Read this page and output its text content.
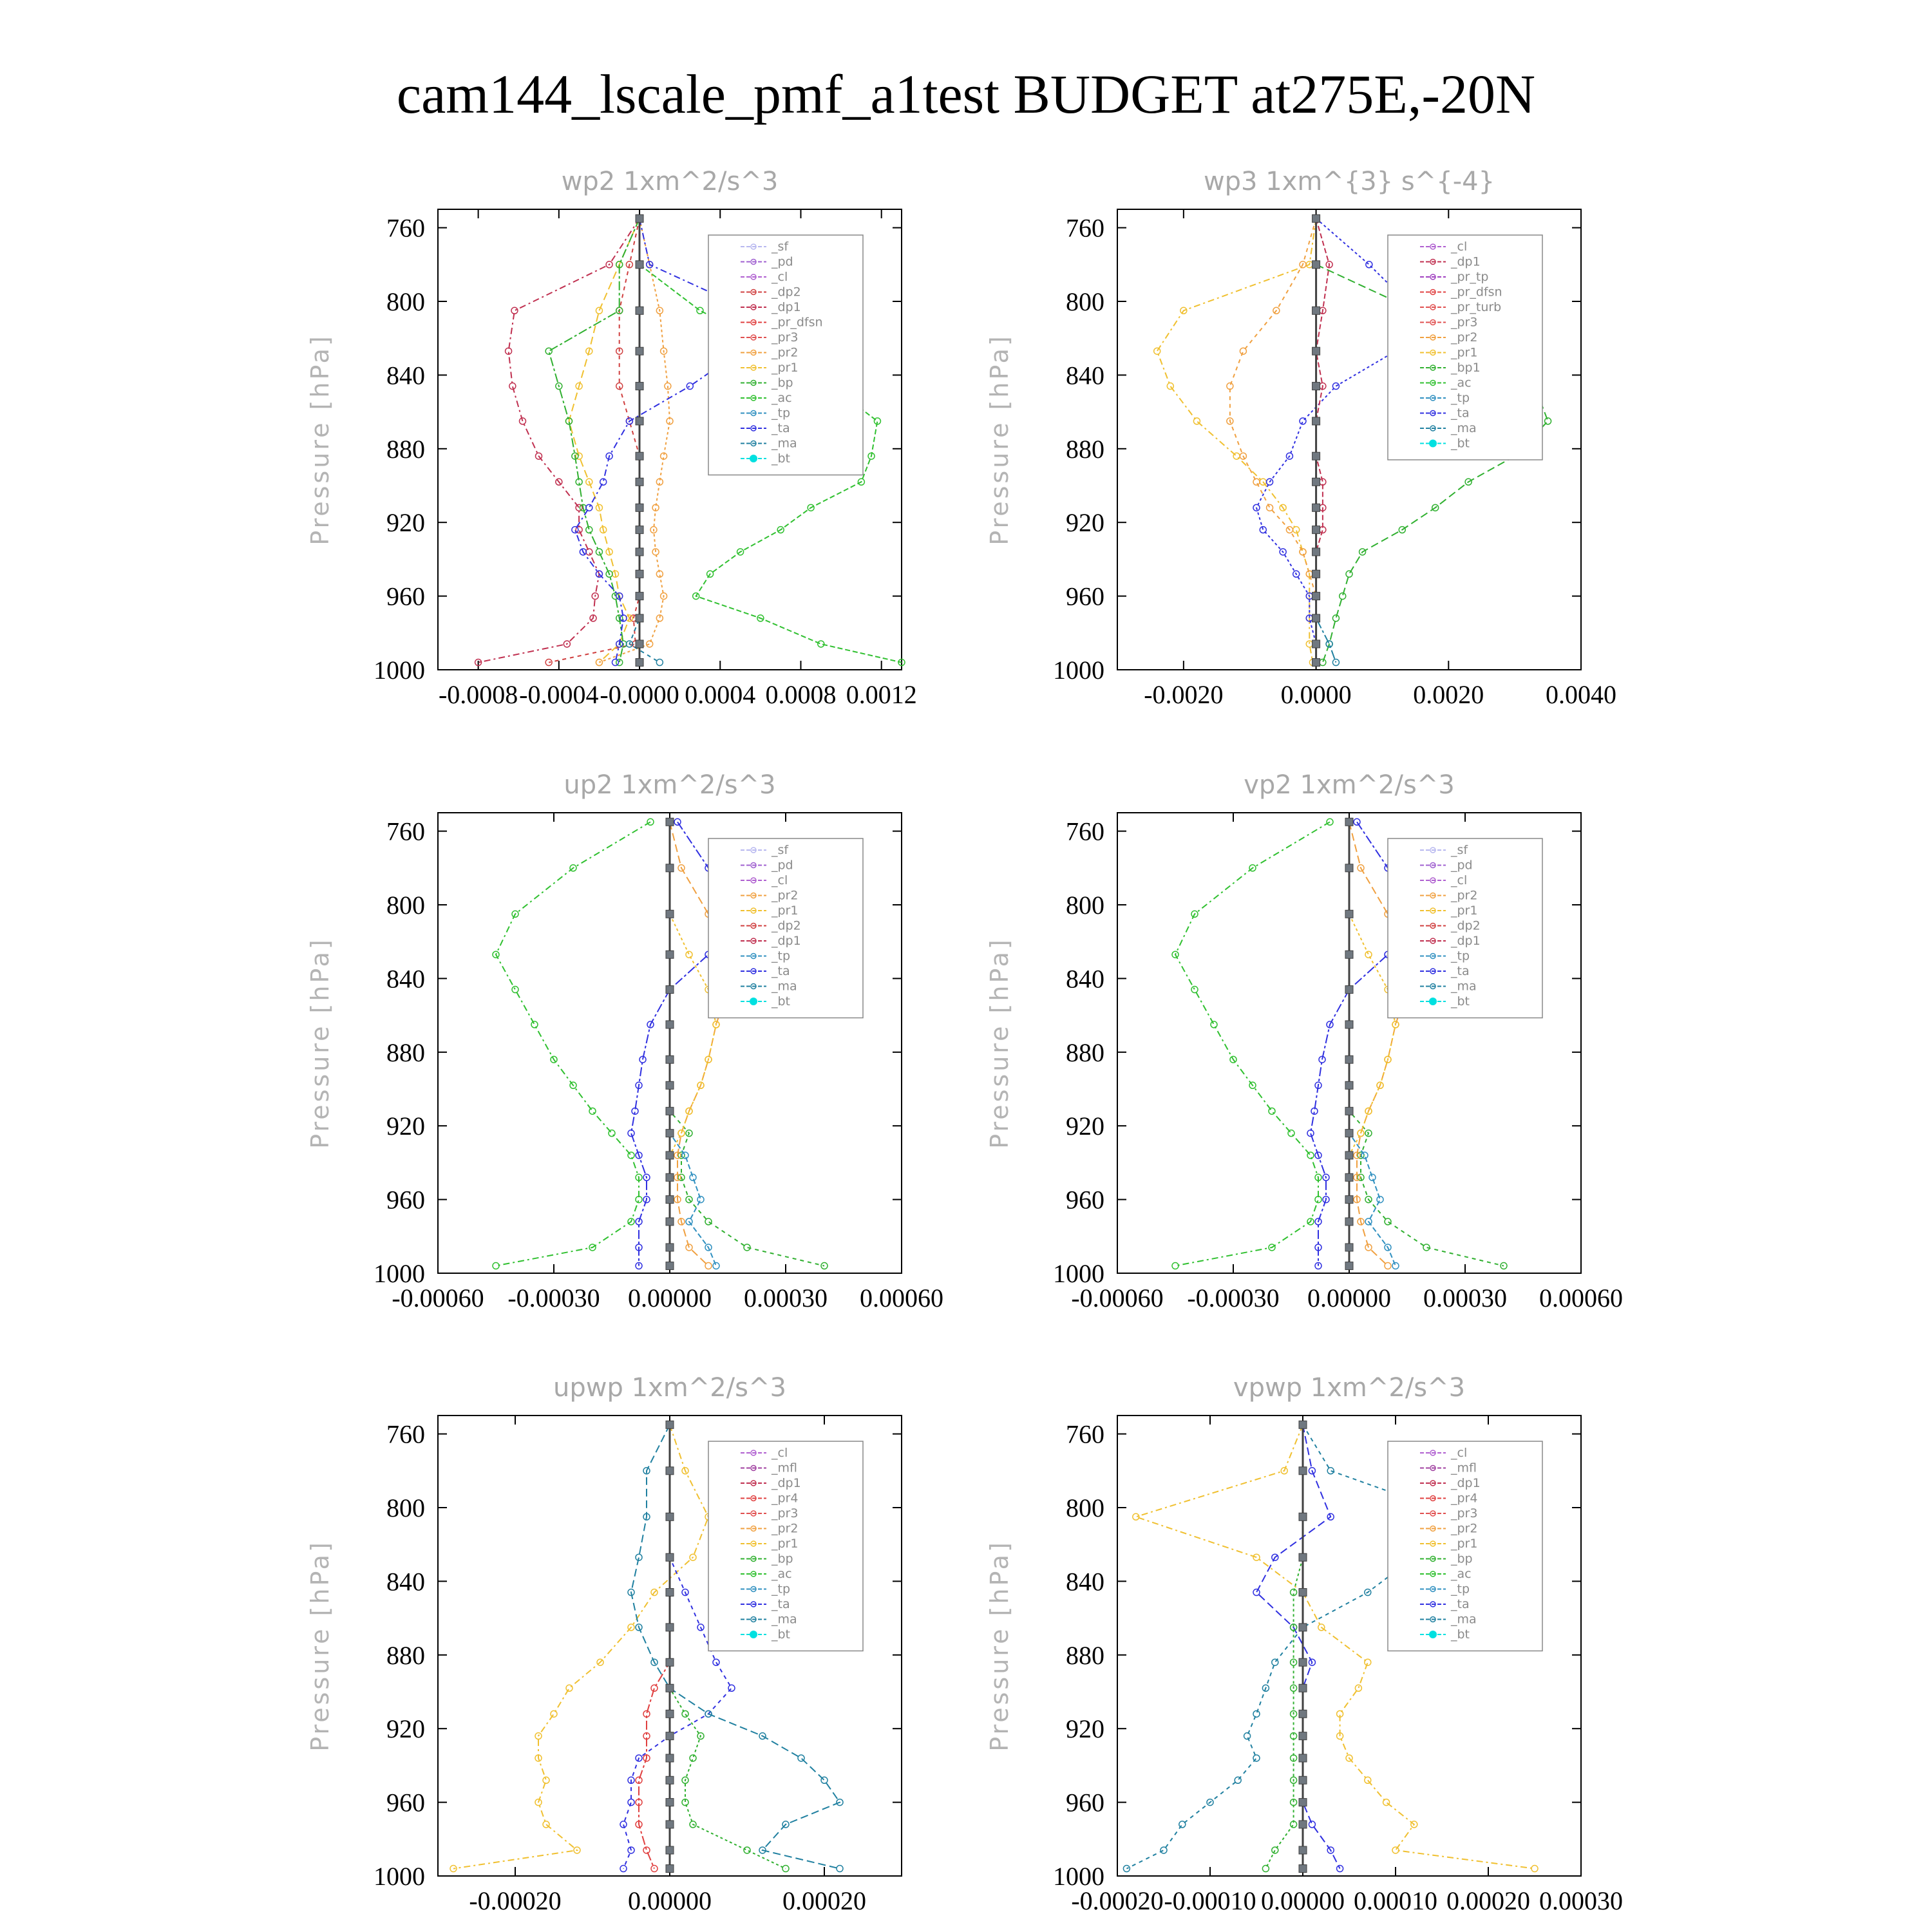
cam144_lscale_pmf_a1test BUDGET at275E,-20N
wp2 1xm^2/s^3
Pressure [hPa]
760
800
840
880
920
960
1000
-0.0008 -0.0004 -0.0000 0.0004 0.0008 0.0012
_sf
_pd
_cl
_dp2
_dp1
_pr_dfsn
_pr3
_pr2
_pr1
_bp
_ac
_tp
_ta
_ma
_bt
wp3 1xm^{3} s^{-4}
Pressure [hPa]
760
800
840
880
920
960
1000
-0.0020 0.0000 0.0020 0.0040
_cl
_dp1
_pr_tp
_pr_dfsn
_pr_turb
_pr3
_pr2
_pr1
_bp1
_ac
_tp
_ta
_ma
_bt
up2 1xm^2/s^3
Pressure [hPa]
760
800
840
880
920
960
1000
-0.00060 -0.00030 0.00000 0.00030 0.00060
_sf
_pd
_cl
_pr2
_pr1
_dp2
_dp1
_tp
_ta
_ma
_bt
vp2 1xm^2/s^3
Pressure [hPa]
760
800
840
880
920
960
1000
-0.00060 -0.00030 0.00000 0.00030 0.00060
_sf
_pd
_cl
_pr2
_pr1
_dp2
_dp1
_tp
_ta
_ma
_bt
upwp 1xm^2/s^3
Pressure [hPa]
760
800
840
880
920
960
1000
-0.00020	0.00000	0.00020
_cl
_mfl
_dp1
_pr4
_pr3
_pr2
_pr1
_bp
_ac
_tp
_ta
_ma
_bt
vpwp 1xm^2/s^3
Pressure [hPa]
760
800
840
880
920
960
1000
-0.00020 -0.00010 0.00000 0.00010 0.00020 0.00030
_cl
_mfl
_dp1
_pr4
_pr3
_pr2
_pr1
_bp
_ac
_tp
_ta
_ma
_bt
